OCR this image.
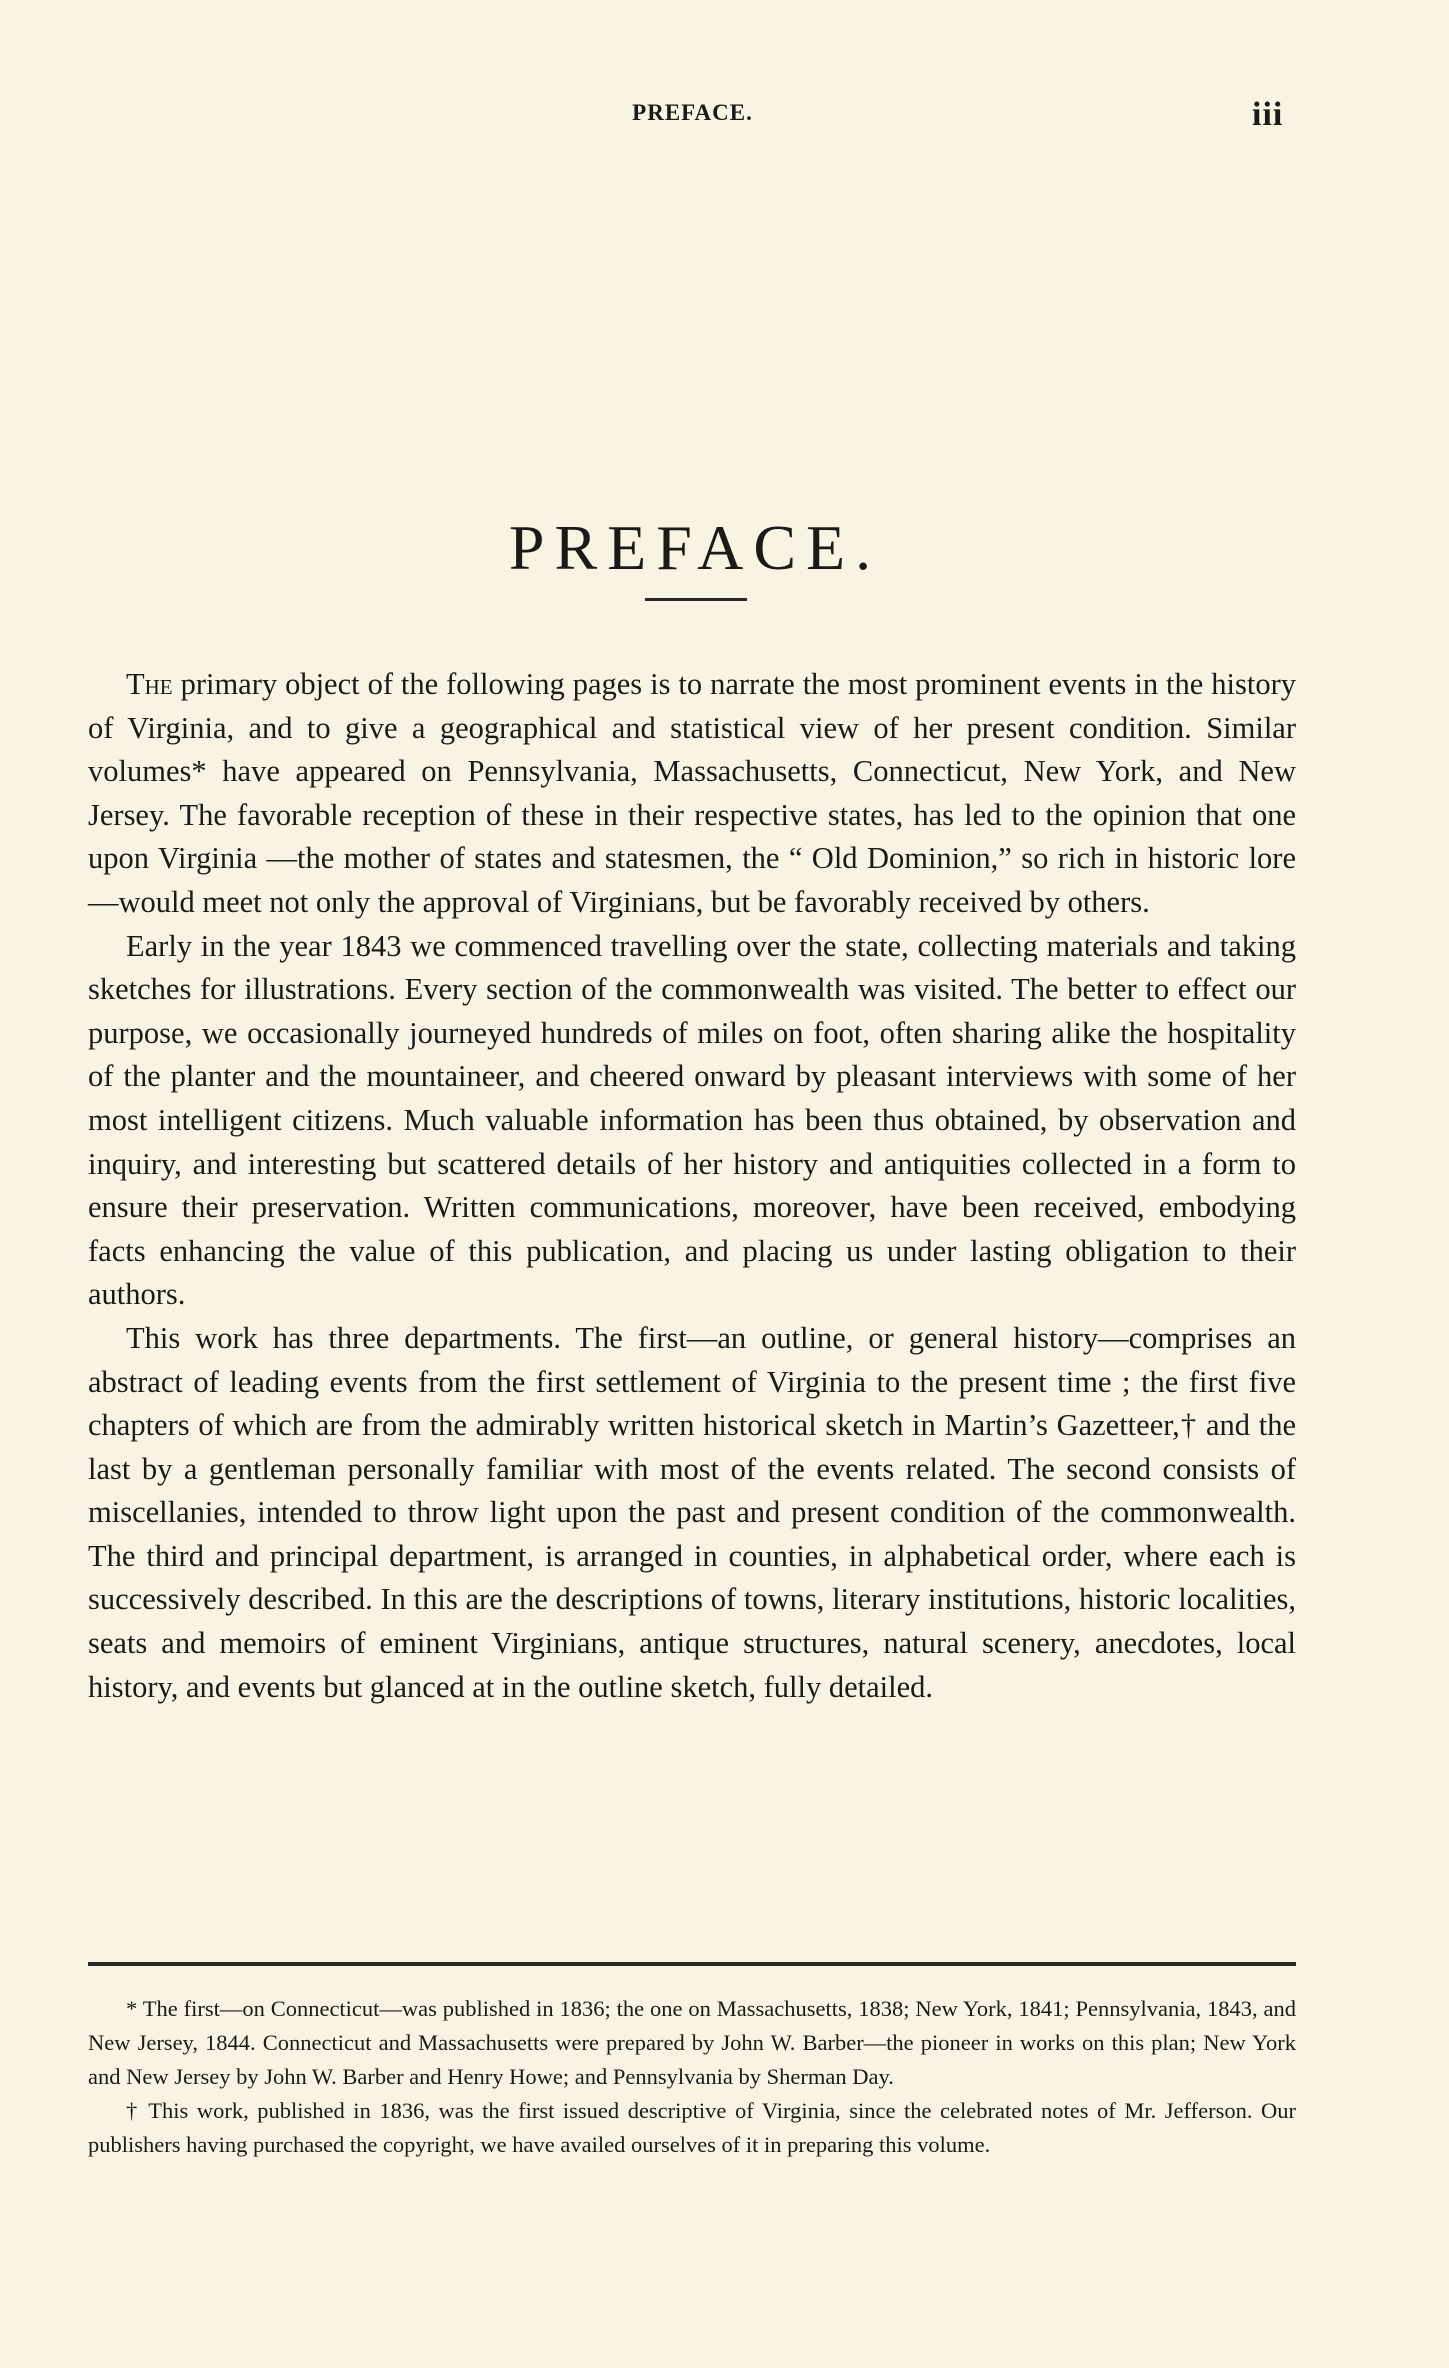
PREFACE.	iii
PREFACE.

The primary object of the following pages is to narrate the most prominent events in the history of Virginia, and to give a geographical and statistical view of her present condition. Similar volumes* have appeared on Pennsylvania, Massachusetts, Connecticut, New York, and New Jersey. The favorable reception of these in their respective states, has led to the opinion that one upon Virginia —the mother of states and statesmen, the “ Old Dominion,” so rich in historic lore—would meet not only the approval of Virginians, but be favorably received by others.

Early in the year 1843 we commenced travelling over the state, collecting materials and taking sketches for illustrations. Every section of the commonwealth was visited. The better to effect our purpose, we occasionally journeyed hundreds of miles on foot, often sharing alike the hospitality of the planter and the mountaineer, and cheered onward by pleasant interviews with some of her most intelligent citizens. Much valuable information has been thus obtained, by observation and inquiry, and interesting but scattered details of her history and antiquities collected in a form to ensure their preservation. Written communications, moreover, have been received, embodying facts enhancing the value of this publication, and placing us under lasting obligation to their authors.

This work has three departments. The first—an outline, or general history—comprises an abstract of leading events from the first settlement of Virginia to the present time ; the first five chapters of which are from the admirably written historical sketch in Martin’s Gazetteer,† and the last by a gentleman personally familiar with most of the events related. The second consists of miscellanies, intended to throw light upon the past and present condition of the commonwealth. The third and principal department, is arranged in counties, in alphabetical order, where each is successively described. In this are the descriptions of towns, literary institutions, historic localities, seats and memoirs of eminent Virginians, antique structures, natural scenery, anecdotes, local history, and events but glanced at in the outline sketch, fully detailed.

* The first—on Connecticut—was published in 1836; the one on Massachusetts, 1838; New York, 1841; Pennsylvania, 1843, and New Jersey, 1844. Connecticut and Massachusetts were prepared by John W. Barber—the pioneer in works on this plan; New York and New Jersey by John W. Barber and Henry Howe; and Pennsylvania by Sherman Day.

† This work, published in 1836, was the first issued descriptive of Virginia, since the celebrated notes of Mr. Jefferson. Our publishers having purchased the copyright, we have availed ourselves of it in preparing this volume.
